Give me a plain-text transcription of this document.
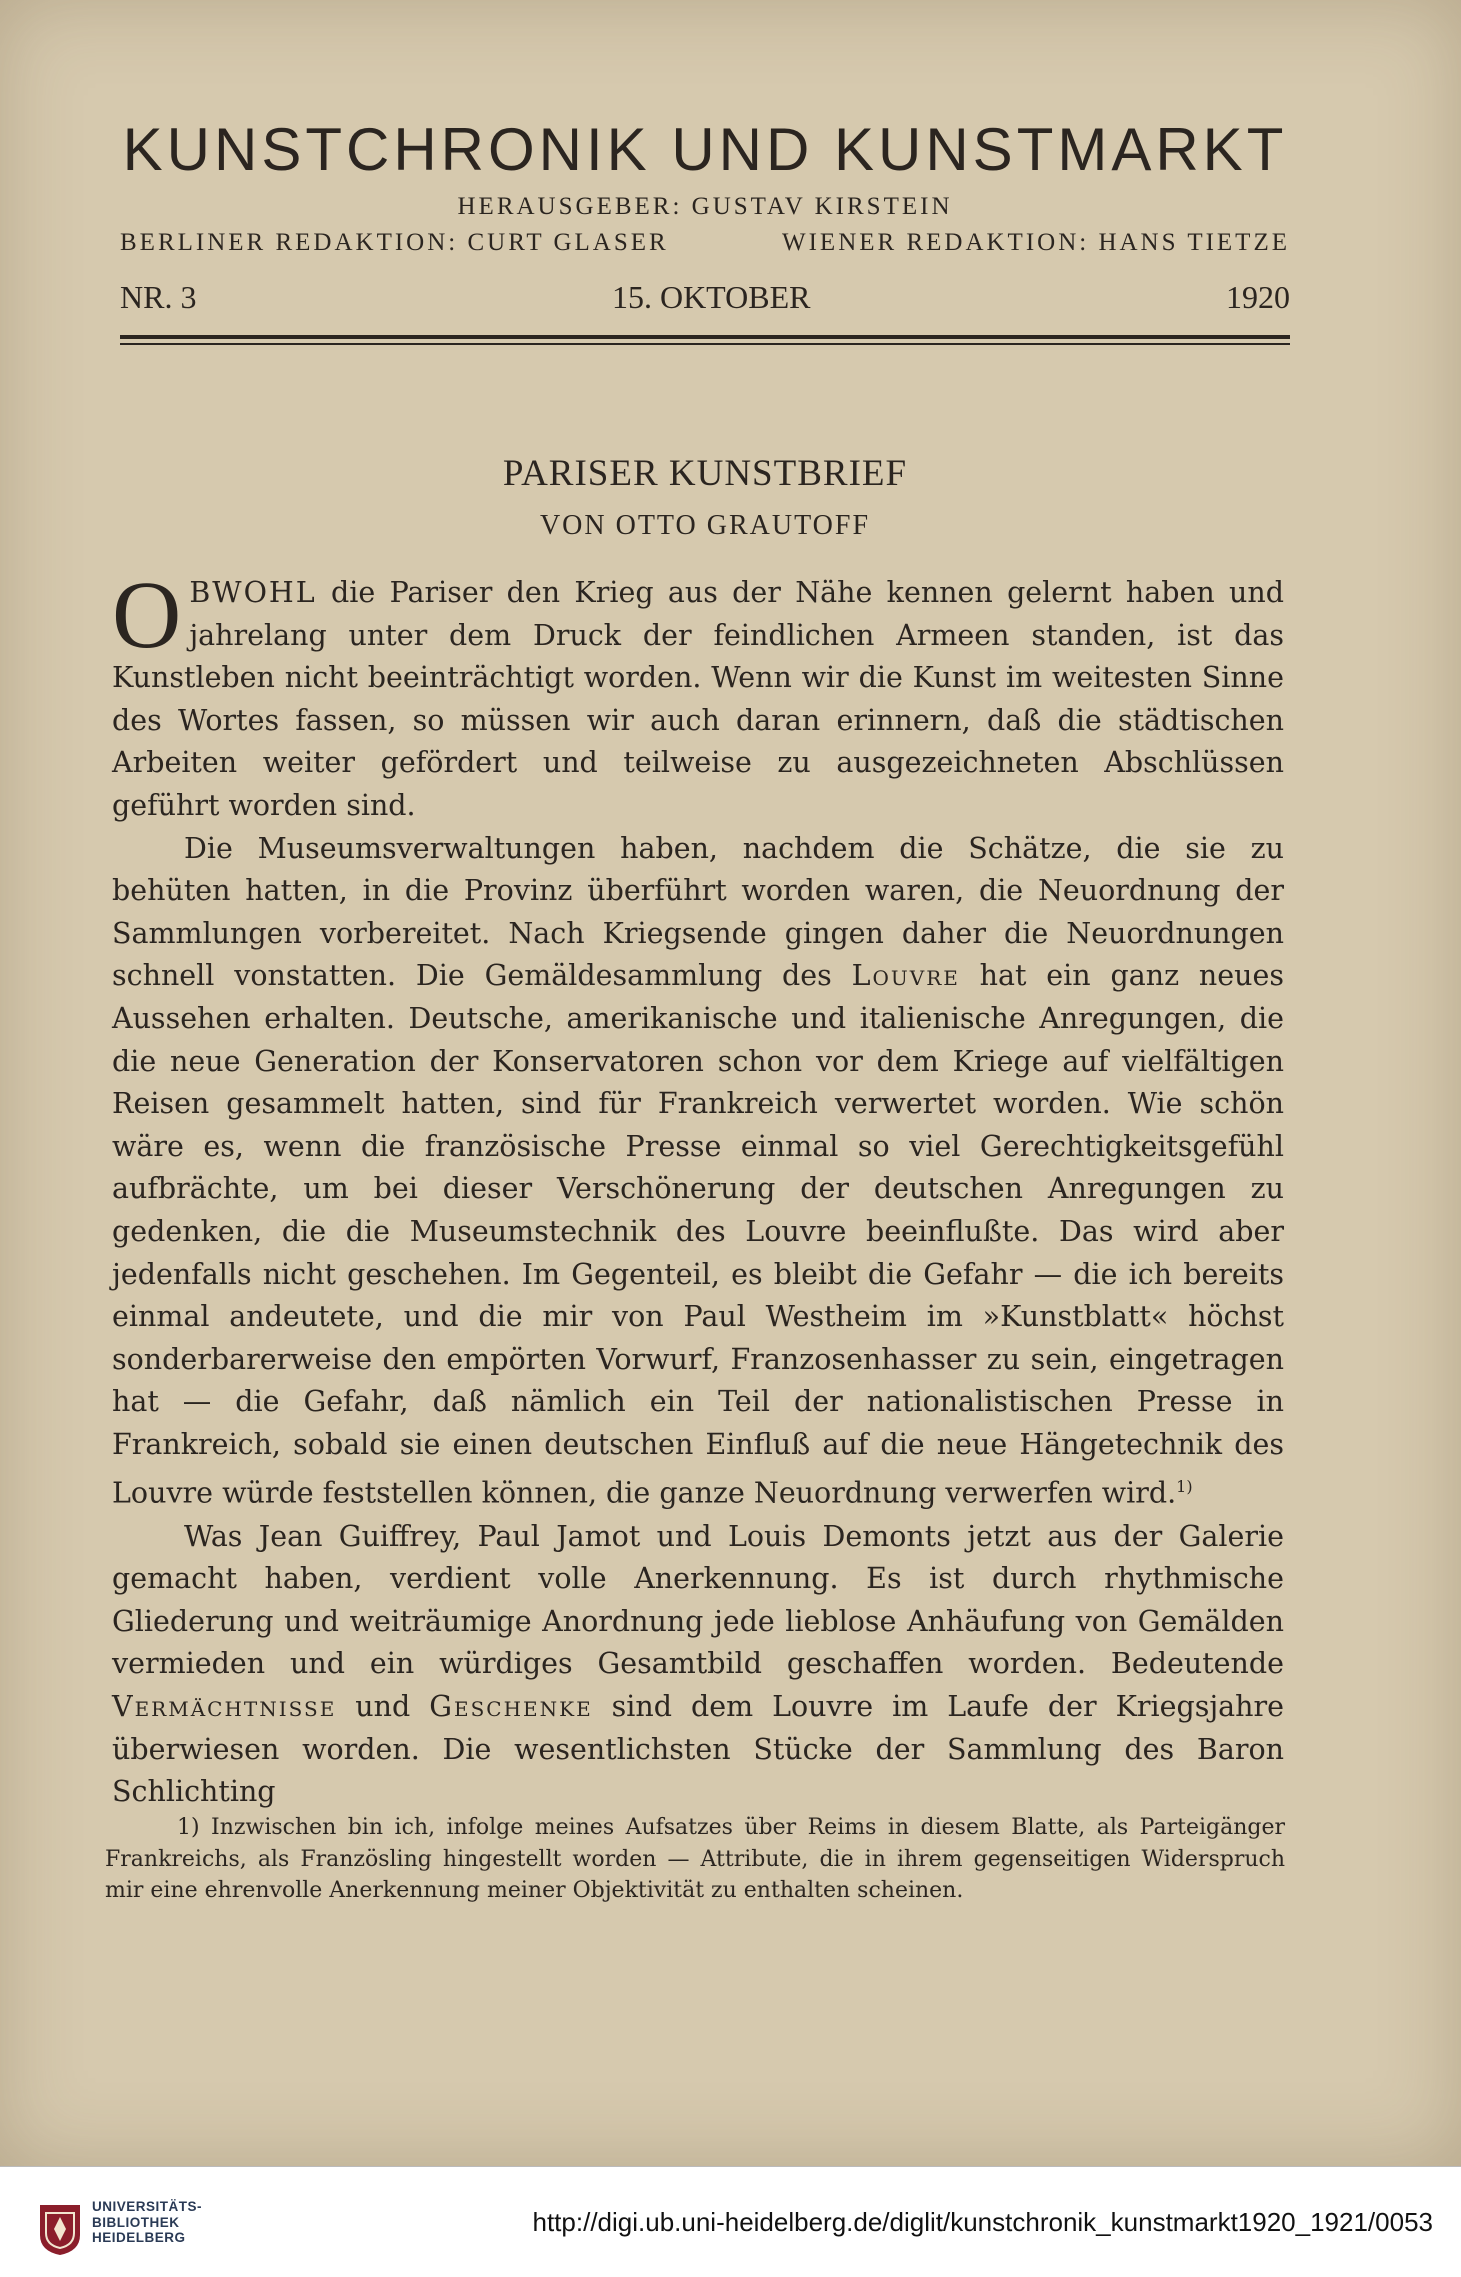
KUNSTCHRONIK UND KUNSTMARKT
HERAUSGEBER: GUSTAV KIRSTEIN
BERLINER REDAKTION: CURT GLASER	WIENER REDAKTION: HANS TIETZE
NR. 3	15. OKTOBER	1920
PARISER KUNSTBRIEF
VON OTTO GRAUTOFF

OBWOHL die Pariser den Krieg aus der Nähe kennen gelernt haben und jahrelang unter dem Druck der feindlichen Armeen standen, ist das Kunstleben nicht beeinträchtigt worden. Wenn wir die Kunst im weitesten Sinne des Wortes fassen, so müssen wir auch daran erinnern, daß die städtischen Arbeiten weiter gefördert und teilweise zu ausgezeichneten Abschlüssen geführt worden sind.

Die Museumsverwaltungen haben, nachdem die Schätze, die sie zu behüten hatten, in die Provinz überführt worden waren, die Neuordnung der Sammlungen vorbereitet. Nach Kriegsende gingen daher die Neuordnungen schnell vonstatten. Die Gemäldesammlung des Louvre hat ein ganz neues Aussehen erhalten. Deutsche, amerikanische und italienische Anregungen, die die neue Generation der Konservatoren schon vor dem Kriege auf vielfältigen Reisen gesammelt hatten, sind für Frankreich verwertet worden. Wie schön wäre es, wenn die französische Presse einmal so viel Gerechtigkeitsgefühl aufbrächte, um bei dieser Verschönerung der deutschen Anregungen zu gedenken, die die Museumstechnik des Louvre beeinflußte. Das wird aber jedenfalls nicht geschehen. Im Gegenteil, es bleibt die Gefahr — die ich bereits einmal andeutete, und die mir von Paul Westheim im »Kunstblatt« höchst sonderbarerweise den empörten Vorwurf, Franzosenhasser zu sein, eingetragen hat — die Gefahr, daß nämlich ein Teil der nationalistischen Presse in Frankreich, sobald sie einen deutschen Einfluß auf die neue Hängetechnik des Louvre würde feststellen können, die ganze Neuordnung verwerfen wird.$^{1)}$

Was Jean Guiffrey, Paul Jamot und Louis Demonts jetzt aus der Galerie gemacht haben, verdient volle Anerkennung. Es ist durch rhythmische Gliederung und weiträumige Anordnung jede lieblose Anhäufung von Gemälden vermieden und ein würdiges Gesamtbild geschaffen worden. Bedeutende Vermächtnisse und Geschenke sind dem Louvre im Laufe der Kriegsjahre überwiesen worden. Die wesentlichsten Stücke der Sammlung des Baron Schlichting

1) Inzwischen bin ich, infolge meines Aufsatzes über Reims in diesem Blatte, als Parteigänger Frankreichs, als Französling hingestellt worden — Attribute, die in ihrem gegenseitigen Widerspruch mir eine ehrenvolle Anerkennung meiner Objektivität zu enthalten scheinen.

UNIVERSITÄTS-
BIBLIOTHEK
HEIDELBERG
http://digi.ub.uni-heidelberg.de/diglit/kunstchronik_kunstmarkt1920_1921/0053
